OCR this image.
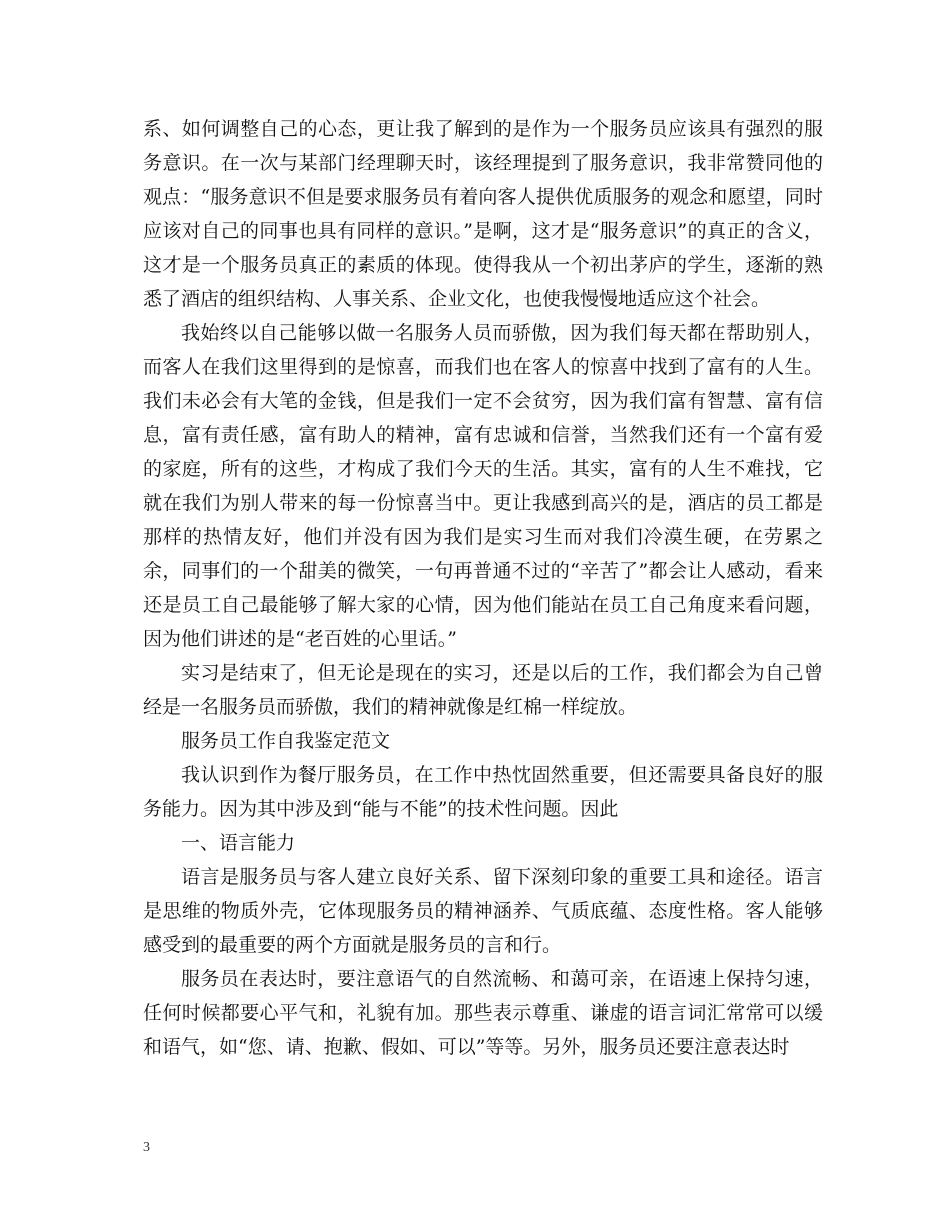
系、如何调整自己的心态，更让我了解到的是作为一个服务员应该具有强烈的服务意识。在一次与某部门经理聊天时，该经理提到了服务意识，我非常赞同他的观点：“服务意识不但是要求服务员有着向客人提供优质服务的观念和愿望，同时应该对自己的同事也具有同样的意识。”是啊，这才是“服务意识”的真正的含义，这才是一个服务员真正的素质的体现。使得我从一个初出茅庐的学生，逐渐的熟悉了酒店的组织结构、人事关系、企业文化，也使我慢慢地适应这个社会。

我始终以自己能够以做一名服务人员而骄傲，因为我们每天都在帮助别人，而客人在我们这里得到的是惊喜，而我们也在客人的惊喜中找到了富有的人生。我们未必会有大笔的金钱，但是我们一定不会贫穷，因为我们富有智慧、富有信息，富有责任感，富有助人的精神，富有忠诚和信誉，当然我们还有一个富有爱的家庭，所有的这些，才构成了我们今天的生活。其实，富有的人生不难找，它就在我们为别人带来的每一份惊喜当中。更让我感到高兴的是，酒店的员工都是那样的热情友好，他们并没有因为我们是实习生而对我们冷漠生硬，在劳累之余，同事们的一个甜美的微笑，一句再普通不过的“辛苦了”都会让人感动，看来还是员工自己最能够了解大家的心情，因为他们能站在员工自己角度来看问题，因为他们讲述的是“老百姓的心里话。”

实习是结束了，但无论是现在的实习，还是以后的工作，我们都会为自己曾经是一名服务员而骄傲，我们的精神就像是红棉一样绽放。

服务员工作自我鉴定范文

我认识到作为餐厅服务员，在工作中热忱固然重要，但还需要具备良好的服务能力。因为其中涉及到“能与不能”的技术性问题。因此

一、语言能力

语言是服务员与客人建立良好关系、留下深刻印象的重要工具和途径。语言是思维的物质外壳，它体现服务员的精神涵养、气质底蕴、态度性格。客人能够感受到的最重要的两个方面就是服务员的言和行。

服务员在表达时，要注意语气的自然流畅、和蔼可亲，在语速上保持匀速，任何时候都要心平气和，礼貌有加。那些表示尊重、谦虚的语言词汇常常可以缓和语气，如“您、请、抱歉、假如、可以”等等。另外，服务员还要注意表达时

3
